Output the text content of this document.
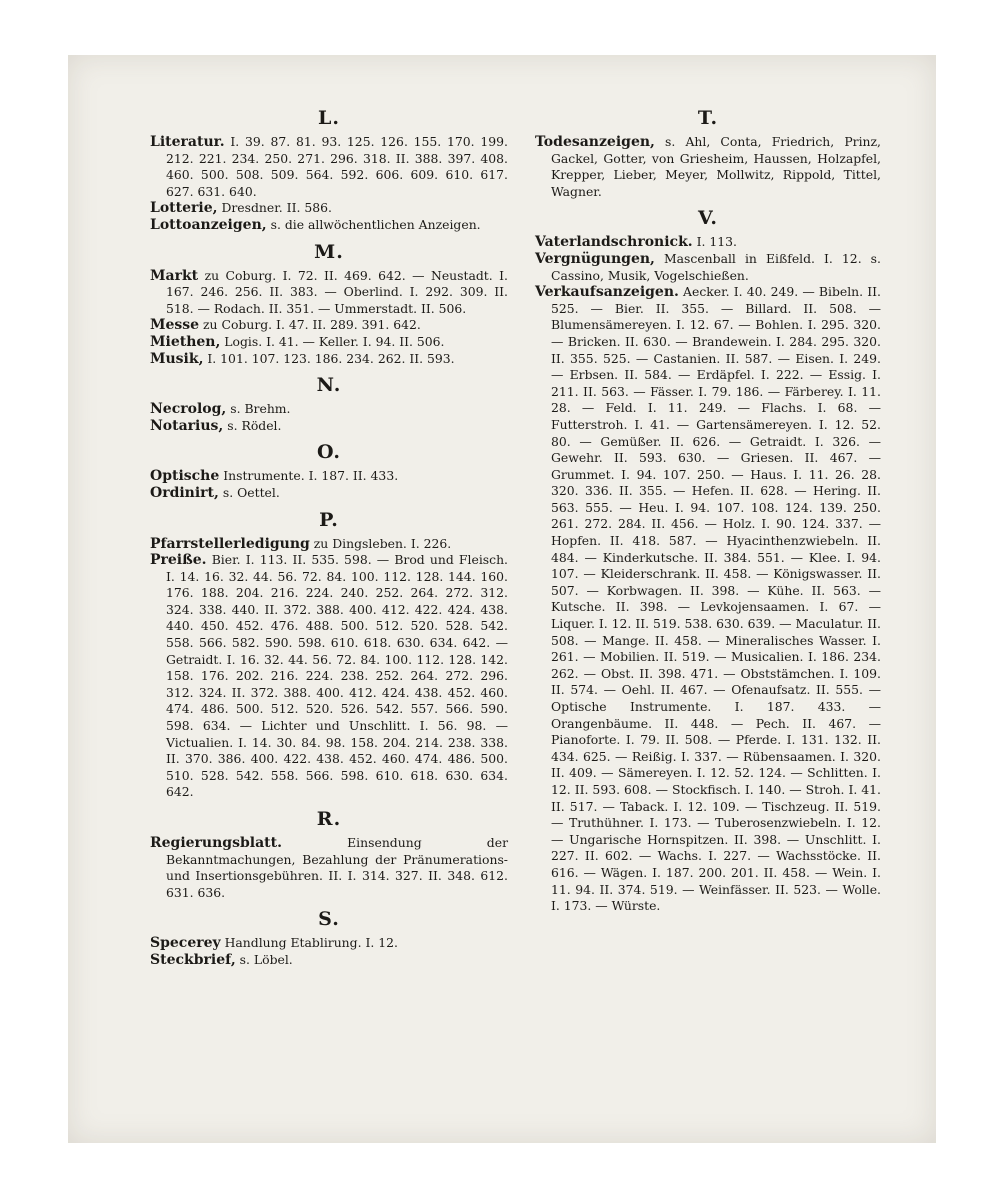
L.

Literatur. I. 39. 87. 81. 93. 125. 126. 155. 170. 199. 212. 221. 234. 250. 271. 296. 318. II. 388. 397. 408. 460. 500. 508. 509. 564. 592. 606. 609. 610. 617. 627. 631. 640.

Lotterie, Dresdner. II. 586.

Lottoanzeigen, s. die allwöchentlichen Anzeigen.

M.

Markt zu Coburg. I. 72. II. 469. 642. — Neustadt. I. 167. 246. 256. II. 383. — Oberlind. I. 292. 309. II. 518. — Rodach. II. 351. — Ummerstadt. II. 506.

Messe zu Coburg. I. 47. II. 289. 391. 642.

Miethen, Logis. I. 41. — Keller. I. 94. II. 506.

Musik, I. 101. 107. 123. 186. 234. 262. II. 593.

N.

Necrolog, s. Brehm.

Notarius, s. Rödel.

O.

Optische Instrumente. I. 187. II. 433.

Ordinirt, s. Oettel.

P.

Pfarrstellerledigung zu Dingsleben. I. 226.

Preiße. Bier. I. 113. II. 535. 598. — Brod und Fleisch. I. 14. 16. 32. 44. 56. 72. 84. 100. 112. 128. 144. 160. 176. 188. 204. 216. 224. 240. 252. 264. 272. 312. 324. 338. 440. II. 372. 388. 400. 412. 422. 424. 438. 440. 450. 452. 476. 488. 500. 512. 520. 528. 542. 558. 566. 582. 590. 598. 610. 618. 630. 634. 642. — Getraidt. I. 16. 32. 44. 56. 72. 84. 100. 112. 128. 142. 158. 176. 202. 216. 224. 238. 252. 264. 272. 296. 312. 324. II. 372. 388. 400. 412. 424. 438. 452. 460. 474. 486. 500. 512. 520. 526. 542. 557. 566. 590. 598. 634. — Lichter und Unschlitt. I. 56. 98. — Victualien. I. 14. 30. 84. 98. 158. 204. 214. 238. 338. II. 370. 386. 400. 422. 438. 452. 460. 474. 486. 500. 510. 528. 542. 558. 566. 598. 610. 618. 630. 634. 642.

R.

Regierungsblatt.	Einsendung der Bekanntmachungen, Bezahlung der Pränumerations- und Insertionsgebühren. II. I. 314. 327. II. 348. 612. 631. 636.

S.

Specerey Handlung Etablirung. I. 12.

Steckbrief, s. Löbel.

T.

Todesanzeigen, s. Ahl, Conta, Friedrich, Prinz, Gackel, Gotter, von Griesheim, Haussen, Holzapfel, Krepper, Lieber, Meyer, Mollwitz, Rippold, Tittel, Wagner.

V.

Vaterlandschronick. I. 113.

Vergnügungen, Mascenball in Eißfeld. I. 12. s. Cassino, Musik, Vogelschießen.

Verkaufsanzeigen. Aecker. I. 40. 249. — Bibeln. II. 525. — Bier. II. 355. — Billard. II. 508. — Blumensämereyen. I. 12. 67. — Bohlen. I. 295. 320. — Bricken. II. 630. — Brandewein. I. 284. 295. 320. II. 355. 525. — Castanien. II. 587. — Eisen. I. 249. — Erbsen. II. 584. — Erdäpfel. I. 222. — Essig. I. 211. II. 563. — Fässer. I. 79. 186. — Färberey. I. 11. 28. — Feld. I. 11. 249. — Flachs. I. 68. — Futterstroh. I. 41. — Gartensämereyen. I. 12. 52. 80. — Gemüßer. II. 626. — Getraidt. I. 326. — Gewehr. II. 593. 630. — Griesen. II. 467. — Grummet. I. 94. 107. 250. — Haus. I. 11. 26. 28. 320. 336. II. 355. — Hefen. II. 628. — Hering. II. 563. 555. — Heu. I. 94. 107. 108. 124. 139. 250. 261. 272. 284. II. 456. — Holz. I. 90. 124. 337. — Hopfen. II. 418. 587. — Hyacinthenzwiebeln. II. 484. — Kinderkutsche. II. 384. 551. — Klee. I. 94. 107. — Kleiderschrank. II. 458. — Königswasser. II. 507. — Korbwagen. II. 398. — Kühe. II. 563. — Kutsche. II. 398. — Levkojensaamen. I. 67. — Liquer. I. 12. II. 519. 538. 630. 639. — Maculatur. II. 508. — Mange. II. 458. — Mineralisches Wasser. I. 261. — Mobilien. II. 519. — Musicalien. I. 186. 234. 262. — Obst. II. 398. 471. — Obststämchen. I. 109. II. 574. — Oehl. II. 467. — Ofenaufsatz. II. 555. — Optische Instrumente. I. 187. 433. — Orangenbäume. II. 448. — Pech. II. 467. — Pianoforte. I. 79. II. 508. — Pferde. I. 131. 132. II. 434. 625. — Reißig. I. 337. — Rübensaamen. I. 320. II. 409. — Sämereyen. I. 12. 52. 124. — Schlitten. I. 12. II. 593. 608. — Stockfisch. I. 140. — Stroh. I. 41. II. 517. — Taback. I. 12. 109. — Tischzeug. II. 519. — Truthühner. I. 173. — Tuberosenzwiebeln. I. 12. — Ungarische Hornspitzen. II. 398. — Unschlitt. I. 227. II. 602. — Wachs. I. 227. — Wachsstöcke. II. 616. — Wägen. I. 187. 200. 201. II. 458. — Wein. I. 11. 94. II. 374. 519. — Weinfässer. II. 523. — Wolle. I. 173. — Würste.
